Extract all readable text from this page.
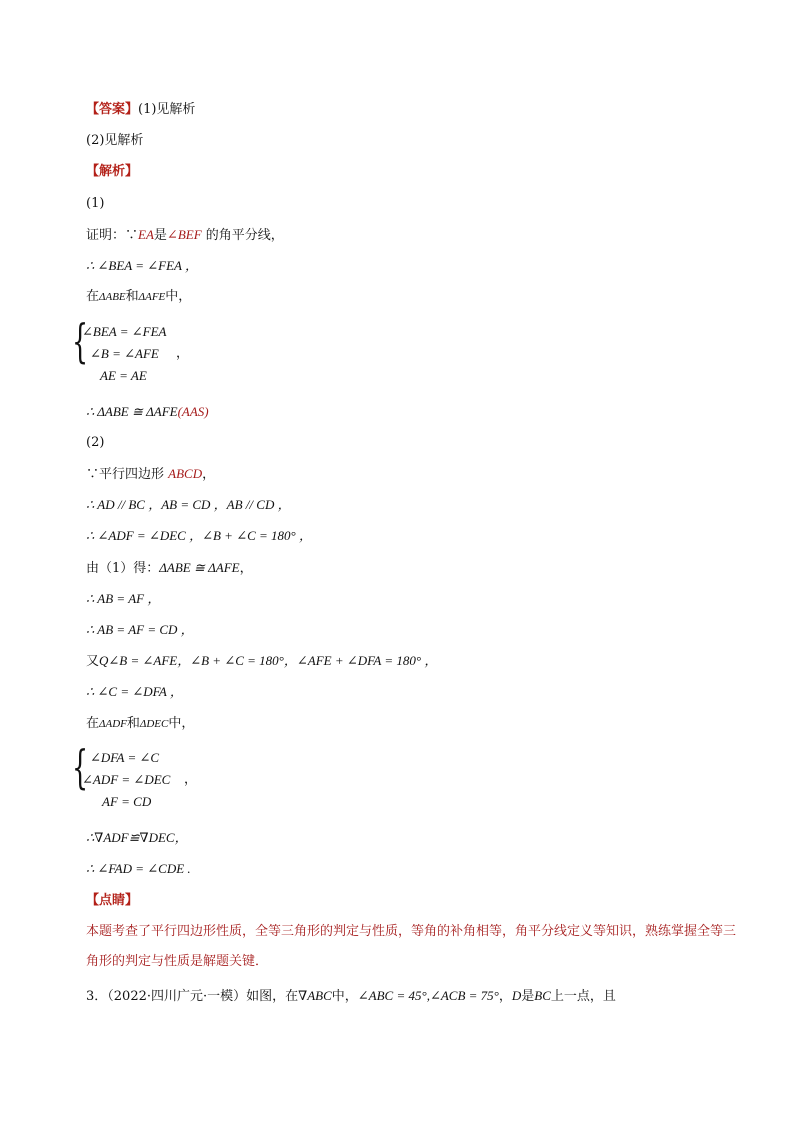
【答案】(1)见解析
(2)见解析
【解析】
(1)
证明：∵EA是∠BEF 的角平分线，
∴ ∠BEA = ∠FEA ，
在ΔABE和ΔAFE中，
{
∠BEA = ∠FEA
∠B = ∠AFE ，
AE = AE
∴ ΔABE ≅ ΔAFE(AAS)
(2)
∵平行四边形 ABCD，
∴ AD // BC ，AB = CD ，AB // CD ，
∴ ∠ADF = ∠DEC ，∠B + ∠C = 180° ，
由（1）得：ΔABE ≅ ΔAFE，
∴ AB = AF ，
∴ AB = AF = CD ，
又Q∠B = ∠AFE，∠B + ∠C = 180°，∠AFE + ∠DFA = 180° ，
∴ ∠C = ∠DFA ，
在ΔADF和ΔDEC中，
{ ∠DFA = ∠C
∠ADF = ∠DEC ，
AF = CD
∴∇ADF≌∇DEC，
∴ ∠FAD = ∠CDE .
【点睛】
本题考查了平行四边形性质，全等三角形的判定与性质，等角的补角相等，角平分线定义等知识，熟练掌握全等三角形的判定与性质是解题关键．
3．（2022·四川广元·一模）如图，在∇ABC中，∠ABC = 45°,∠ACB = 75°，D是BC上一点，且
